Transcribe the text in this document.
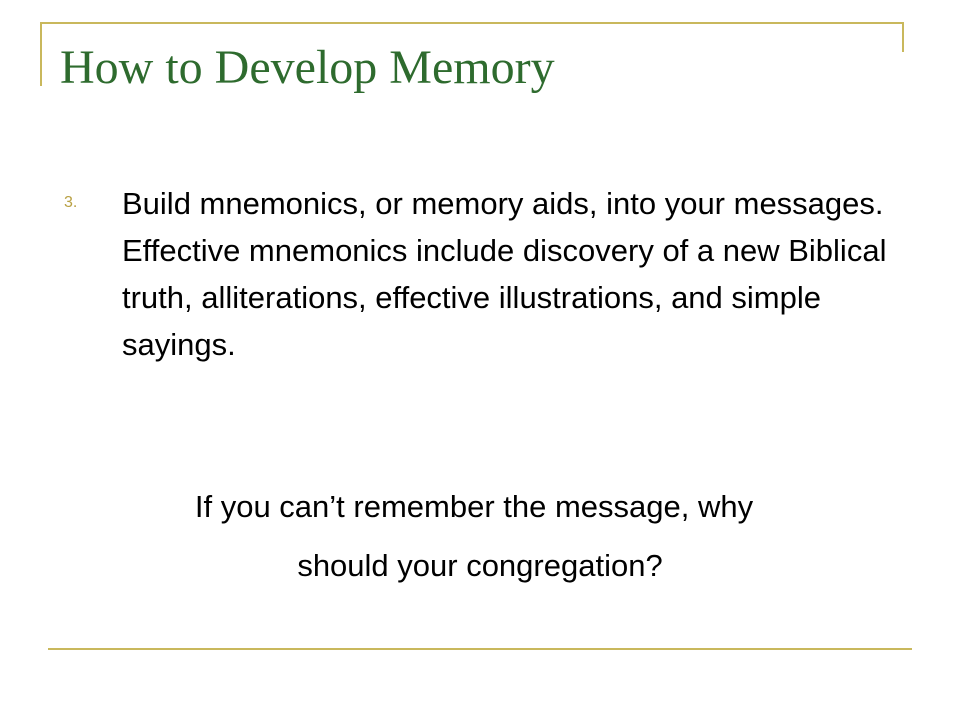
How to Develop Memory
3. Build mnemonics, or memory aids, into your messages. Effective mnemonics include discovery of a new Biblical truth, alliterations, effective illustrations, and simple sayings.

If you can’t remember the message, why

should your congregation?
